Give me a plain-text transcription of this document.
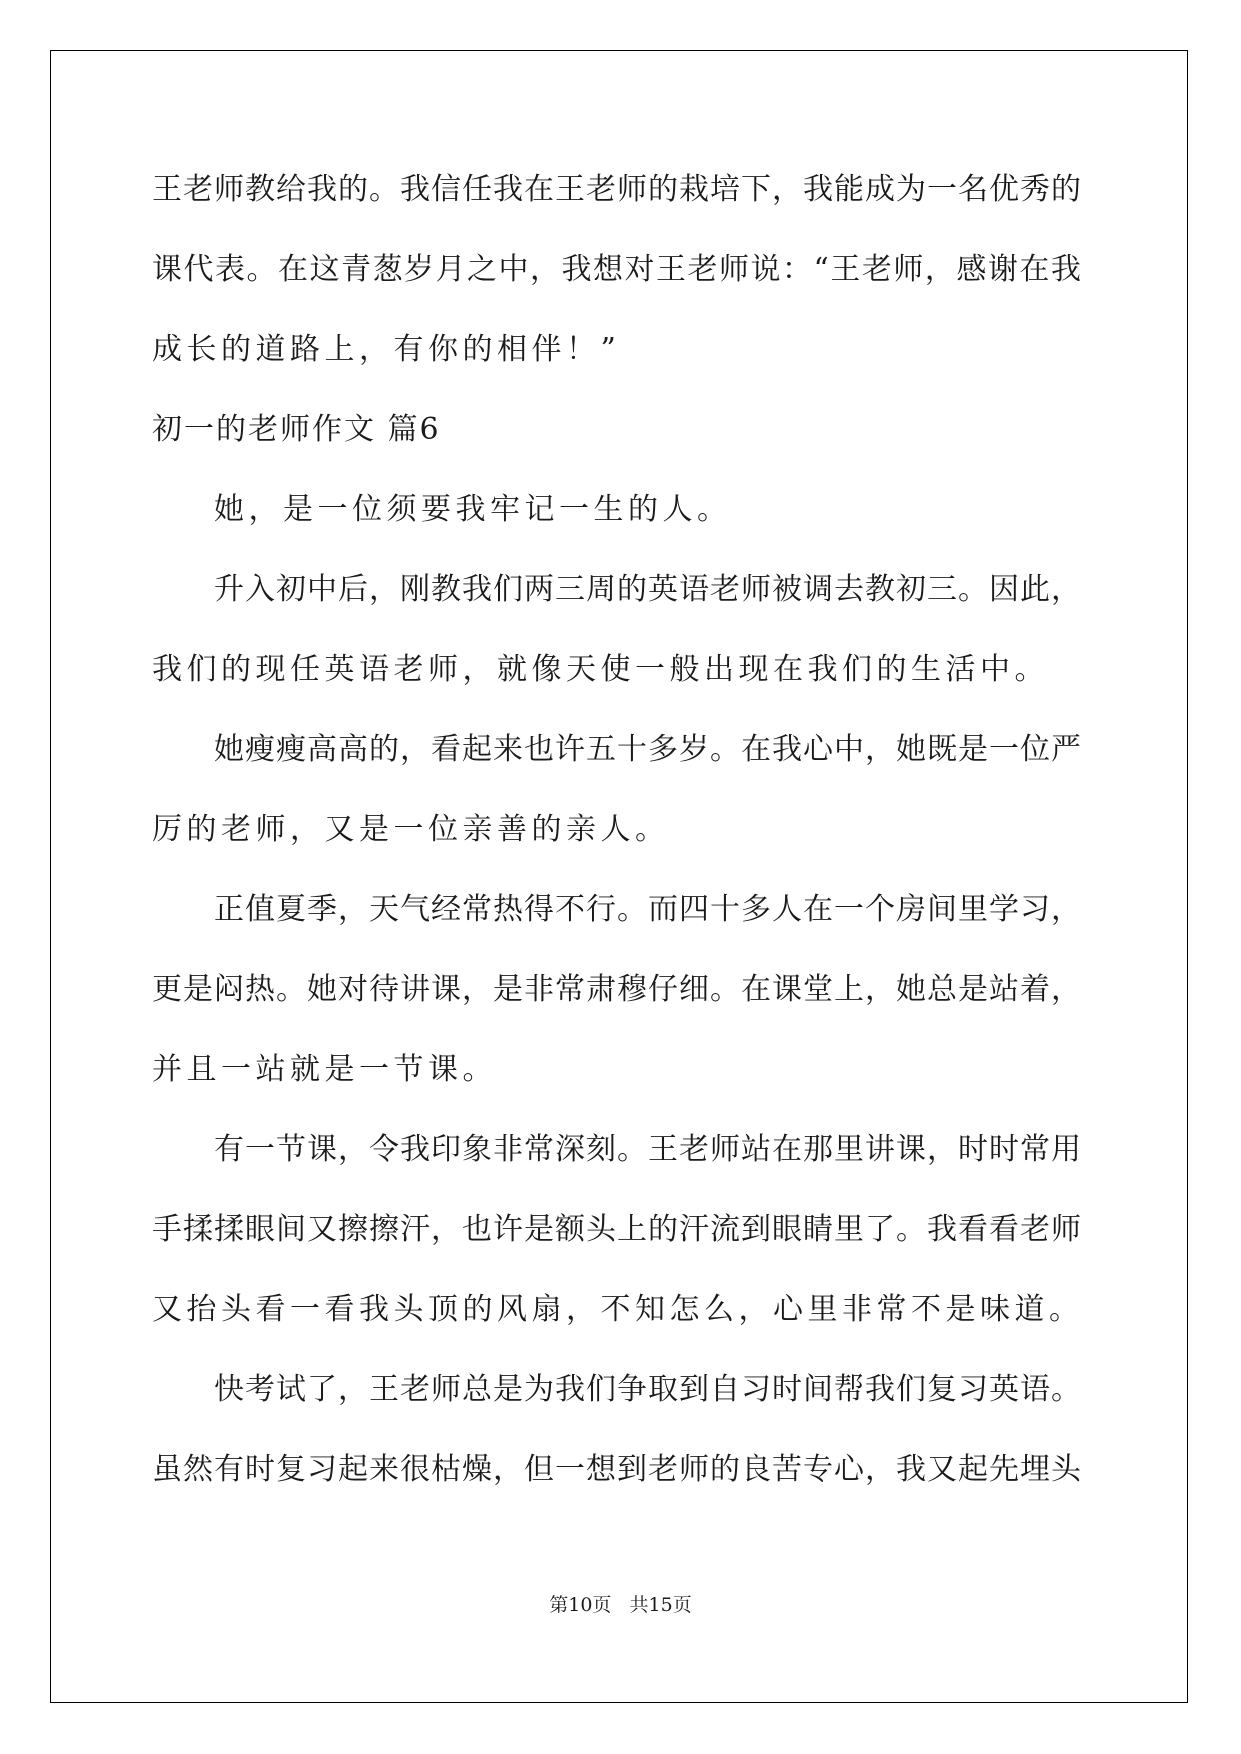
王老师教给我的。我信任我在王老师的栽培下，我能成为一名优秀的
课代表。在这青葱岁月之中，我想对王老师说：“王老师，感谢在我
成长的道路上，有你的相伴！”
初一的老师作文 篇6
她，是一位须要我牢记一生的人。
升入初中后，刚教我们两三周的英语老师被调去教初三。因此，
我们的现任英语老师，就像天使一般出现在我们的生活中。
她瘦瘦高高的，看起来也许五十多岁。在我心中，她既是一位严
厉的老师，又是一位亲善的亲人。
正值夏季，天气经常热得不行。而四十多人在一个房间里学习，
更是闷热。她对待讲课，是非常肃穆仔细。在课堂上，她总是站着，
并且一站就是一节课。
有一节课，令我印象非常深刻。王老师站在那里讲课，时时常用
手揉揉眼间又擦擦汗，也许是额头上的汗流到眼睛里了。我看看老师
又抬头看一看我头顶的风扇，不知怎么，心里非常不是味道。
快考试了，王老师总是为我们争取到自习时间帮我们复习英语。
虽然有时复习起来很枯燥，但一想到老师的良苦专心，我又起先埋头
第10页   共15页
